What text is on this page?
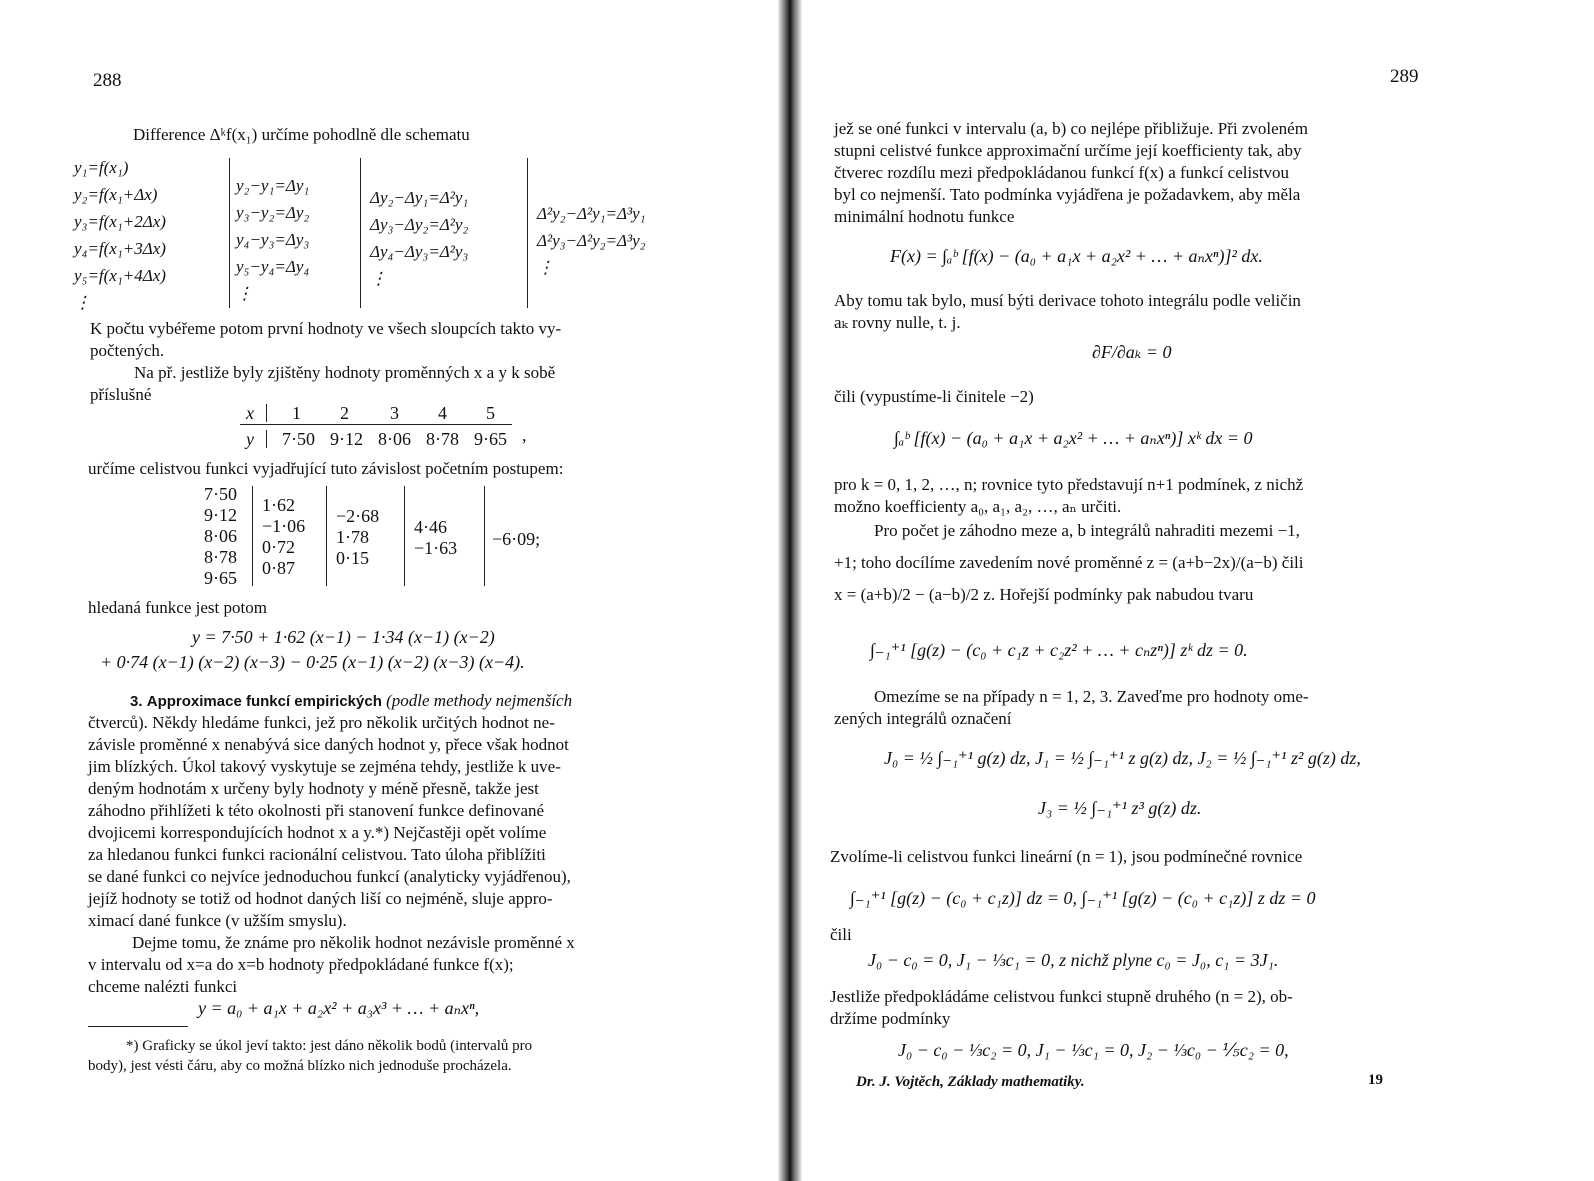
288
Difference Δᵏf(x₁) určíme pohodlně dle schematu
y₁=f(x₁)
y₂=f(x₁+Δx)
y₃=f(x₁+2Δx)
y₄=f(x₁+3Δx)
y₅=f(x₁+4Δx)
⋮
y₂−y₁=Δy₁
y₃−y₂=Δy₂
y₄−y₃=Δy₃
y₅−y₄=Δy₄
⋮
Δy₂−Δy₁=Δ²y₁
Δy₃−Δy₂=Δ²y₂
Δy₄−Δy₃=Δ²y₃
⋮
Δ²y₂−Δ²y₁=Δ³y₁
Δ²y₃−Δ²y₂=Δ³y₂
⋮
K počtu vybéřeme potom první hodnoty ve všech sloupcích takto vy-
počtených.
Na př. jestliže byly zjištěny hodnoty proměnných x a y k sobě
příslušné
x 1 2 3 4 5
y 7·50 9·12 8·06 8·78 9·65 ,
určíme celistvou funkci vyjadřující tuto závislost početním postupem:
7·50
9·12
8·06
8·78
9·65
1·62
−1·06
0·72
0·87
−2·68
1·78
0·15
4·46
−1·63 −6·09;
hledaná funkce jest potom
y = 7·50 + 1·62 (x−1) − 1·34 (x−1) (x−2)
+ 0·74 (x−1) (x−2) (x−3) − 0·25 (x−1) (x−2) (x−3) (x−4).
3. Approximace funkcí empirických (podle methody nejmenších
čtverců). Někdy hledáme funkci, jež pro několik určitých hodnot ne-
závisle proměnné x nenabývá sice daných hodnot y, přece však hodnot
jim blízkých. Úkol takový vyskytuje se zejména tehdy, jestliže k uve-
deným hodnotám x určeny byly hodnoty y méně přesně, takže jest
záhodno přihlížeti k této okolnosti při stanovení funkce definované
dvojicemi korrespondujících hodnot x a y.*) Nejčastěji opět volíme
za hledanou funkci funkci racionální celistvou. Tato úloha přiblížiti
se dané funkci co nejvíce jednoduchou funkcí (analyticky vyjádřenou),
jejíž hodnoty se totiž od hodnot daných liší co nejméně, sluje appro-
ximací dané funkce (v užším smyslu).
Dejme tomu, že známe pro několik hodnot nezávisle proměnné x
v intervalu od x=a do x=b hodnoty předpokládané funkce f(x);
chceme nalézti funkci
y = a₀ + a₁x + a₂x² + a₃x³ + … + aₙxⁿ,
*) Graficky se úkol jeví takto: jest dáno několik bodů (intervalů pro
body), jest vésti čáru, aby co možná blízko nich jednoduše procházela.
289
jež se oné funkci v intervalu (a, b) co nejlépe přibližuje. Při zvoleném
stupni celistvé funkce approximační určíme její koefficienty tak, aby
čtverec rozdílu mezi předpokládanou funkcí f(x) a funkcí celistvou
byl co nejmenší. Tato podmínka vyjádřena je požadavkem, aby měla
minimální hodnotu funkce
F(x) = ∫ₐᵇ [f(x) − (a₀ + a₁x + a₂x² + … + aₙxⁿ)]² dx.
Aby tomu tak bylo, musí býti derivace tohoto integrálu podle veličin
aₖ rovny nulle, t. j.
∂F/∂aₖ = 0
čili (vypustíme-li činitele −2)
∫ₐᵇ [f(x) − (a₀ + a₁x + a₂x² + … + aₙxⁿ)] xᵏ dx = 0
pro k = 0, 1, 2, …, n; rovnice tyto představují n+1 podmínek, z nichž
možno koefficienty a₀, a₁, a₂, …, aₙ určiti.
Pro počet je záhodno meze a, b integrálů nahraditi mezemi −1,
+1; toho docílíme zavedením nové proměnné z = (a+b−2x)/(a−b) čili
x = (a+b)/2 − (a−b)/2 z. Hořejší podmínky pak nabudou tvaru
∫₋₁⁺¹ [g(z) − (c₀ + c₁z + c₂z² + … + cₙzⁿ)] zᵏ dz = 0.
Omezíme se na případy n = 1, 2, 3. Zaveďme pro hodnoty ome-
zených integrálů označení
J₀ = ½ ∫₋₁⁺¹ g(z) dz, J₁ = ½ ∫₋₁⁺¹ z g(z) dz, J₂ = ½ ∫₋₁⁺¹ z² g(z) dz,
J₃ = ½ ∫₋₁⁺¹ z³ g(z) dz.
Zvolíme-li celistvou funkci lineární (n = 1), jsou podmínečné rovnice
∫₋₁⁺¹ [g(z) − (c₀ + c₁z)] dz = 0, ∫₋₁⁺¹ [g(z) − (c₀ + c₁z)] z dz = 0
čili
J₀ − c₀ = 0, J₁ − ⅓c₁ = 0, z nichž plyne c₀ = J₀, c₁ = 3J₁.
Jestliže předpokládáme celistvou funkci stupně druhého (n = 2), ob-
držíme podmínky
J₀ − c₀ − ⅓c₂ = 0, J₁ − ⅓c₁ = 0, J₂ − ⅓c₀ − ⅕c₂ = 0,
Dr. J. Vojtěch, Základy mathematiky.	19
